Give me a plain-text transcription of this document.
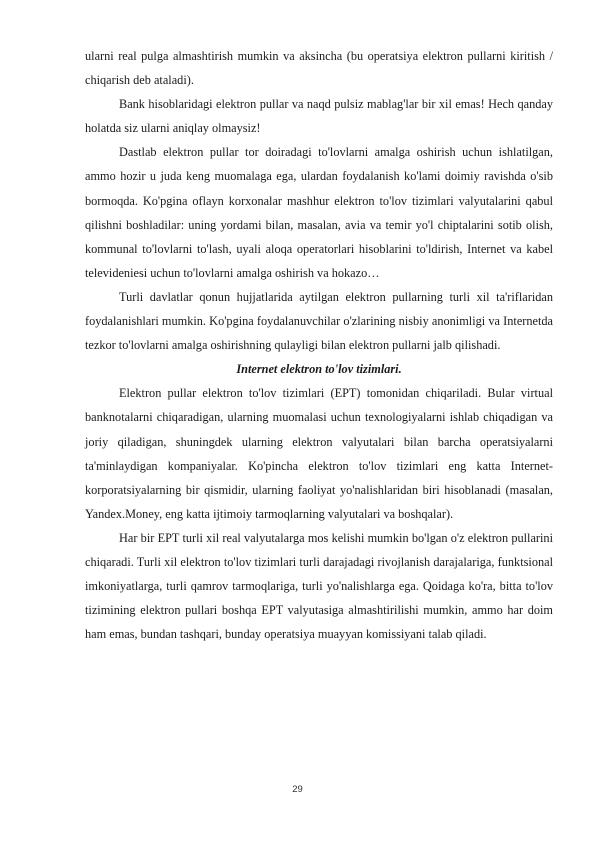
ularni real pulga almashtirish mumkin va aksincha (bu operatsiya elektron pullarni kiritish / chiqarish deb ataladi).

Bank hisoblaridagi elektron pullar va naqd pulsiz mablag'lar bir xil emas! Hech qanday holatda siz ularni aniqlay olmaysiz!

Dastlab elektron pullar tor doiradagi to'lovlarni amalga oshirish uchun ishlatilgan, ammo hozir u juda keng muomalaga ega, ulardan foydalanish ko'lami doimiy ravishda o'sib bormoqda. Ko'pgina oflayn korxonalar mashhur elektron to'lov tizimlari valyutalarini qabul qilishni boshladilar: uning yordami bilan, masalan, avia va temir yo'l chiptalarini sotib olish, kommunal to'lovlarni to'lash, uyali aloqa operatorlari hisoblarini to'ldirish, Internet va kabel televideniesi uchun to'lovlarni amalga oshirish va hokazo…

Turli davlatlar qonun hujjatlarida aytilgan elektron pullarning turli xil ta'riflaridan foydalanishlari mumkin. Ko'pgina foydalanuvchilar o'zlarining nisbiy anonimligi va Internetda tezkor to'lovlarni amalga oshirishning qulayligi bilan elektron pullarni jalb qilishadi.

Internet elektron to'lov tizimlari.

Elektron pullar elektron to'lov tizimlari (EPT) tomonidan chiqariladi. Bular virtual banknotalarni chiqaradigan, ularning muomalasi uchun texnologiyalarni ishlab chiqadigan va joriy qiladigan, shuningdek ularning elektron valyutalari bilan barcha operatsiyalarni ta'minlaydigan kompaniyalar. Ko'pincha elektron to'lov tizimlari eng katta Internet-korporatsiyalarning bir qismidir, ularning faoliyat yo'nalishlaridan biri hisoblanadi (masalan, Yandex.Money, eng katta ijtimoiy tarmoqlarning valyutalari va boshqalar).

Har bir EPT turli xil real valyutalarga mos kelishi mumkin bo'lgan o'z elektron pullarini chiqaradi. Turli xil elektron to'lov tizimlari turli darajadagi rivojlanish darajalariga, funktsional imkoniyatlarga, turli qamrov tarmoqlariga, turli yo'nalishlarga ega. Qoidaga ko'ra, bitta to'lov tizimining elektron pullari boshqa EPT valyutasiga almashtirilishi mumkin, ammo har doim ham emas, bundan tashqari, bunday operatsiya muayyan komissiyani talab qiladi.

29
